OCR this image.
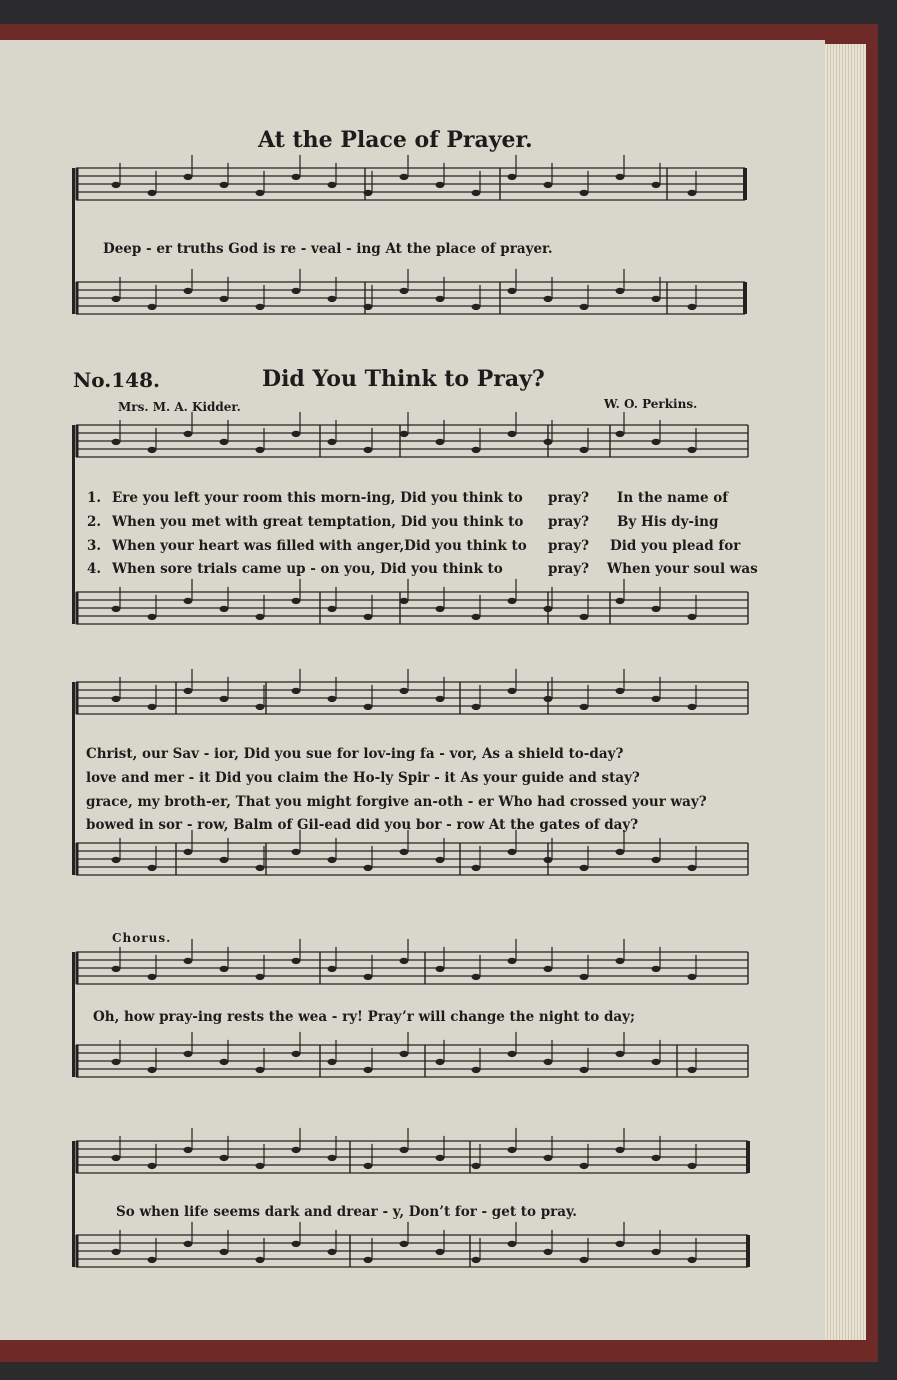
At the Place of Prayer.
Deep - er truths God is re - veal - ing At the place of prayer.
No.148.	Did You Think to Pray?
Mrs. M. A. Kidder.	W. O. Perkins.
1. Ere you left your room this morn-ing, Did you think to pray? In the name of
2. When you met with great temptation, Did you think to pray? By His dy-ing
3. When your heart was filled with anger,Did you think to pray? Did you plead for
4. When sore trials came up - on you, Did you think to	pray? When your soul was
Christ, our Sav - ior, Did you sue for lov-ing fa - vor, As a shield to-day?
love and mer - it Did you claim the Ho-ly Spir - it As your guide and stay?
grace, my broth-er, That you might forgive an-oth - er Who had crossed your way?
bowed in sor - row, Balm of Gil-ead did you bor - row At the gates of day?
Chorus.
Oh, how pray-ing rests the wea - ry! Pray’r will change the night to day;
So when life seems dark and drear - y, Don’t for - get to pray.
